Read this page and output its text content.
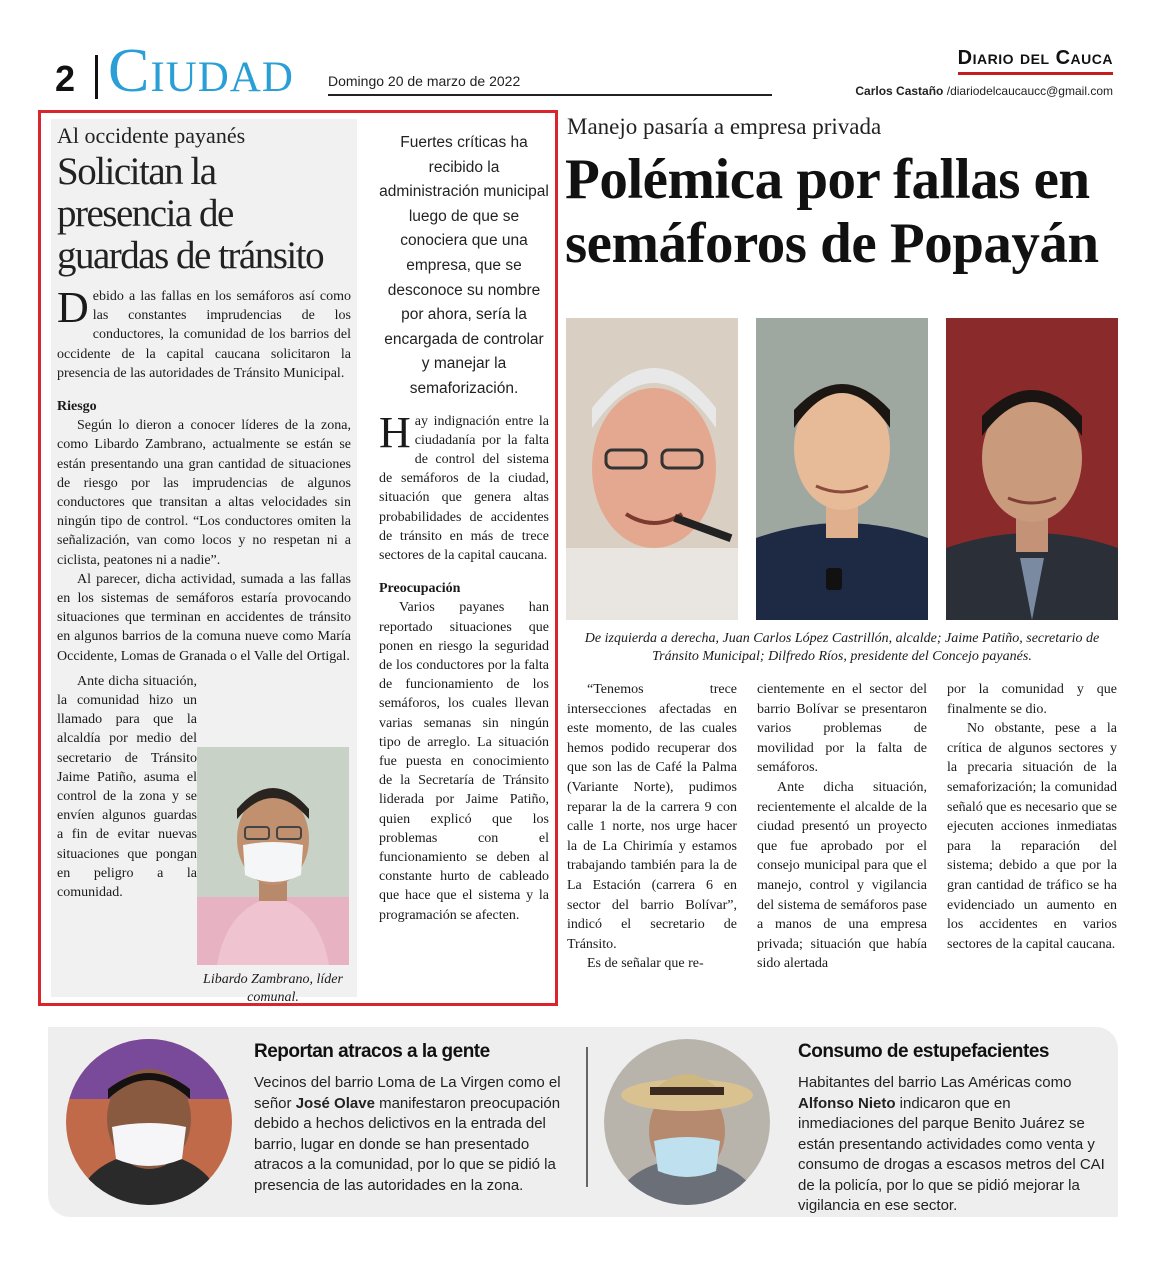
2 Ciudad Domingo 20 de marzo de 2022
Diario del Cauca
Carlos Castaño /diariodelcaucaucc@gmail.com
Al occidente payanés
Solicitan la presencia de guardas de tránsito

Debido a las fallas en los semáforos así como las constantes imprudencias de los conductores, la comunidad de los barrios del occidente de la capital caucana solicitaron la presencia de las autoridades de Tránsito Municipal.

Riesgo

Según lo dieron a conocer líderes de la zona, como Libardo Zambrano, actualmente se están se están presentando una gran cantidad de situaciones de riesgo por las imprudencias de algunos conductores que transitan a altas velocidades sin ningún tipo de control. “Los conductores omiten la señalización, van como locos y no respetan ni a ciclista, peatones ni a nadie”.

Al parecer, dicha actividad, sumada a las fallas en los sistemas de semáforos estaría provocando situaciones que terminan en accidentes de tránsito en algunos barrios de la comuna nueve como María Occidente, Lomas de Granada o el Valle del Ortigal.

Ante dicha situación, la comunidad hizo un llamado para que la alcaldía por medio del secretario de Tránsito Jaime Patiño, asuma el control de la zona y se envíen algunos guardas a fin de evitar nuevas situaciones que pongan en peligro a la comunidad.

Libardo Zambrano, líder comunal.
Fuertes críticas ha recibido la administración municipal luego de que se conociera que una empresa, que se desconoce su nombre por ahora, sería la encargada de controlar y manejar la semaforización.

Hay indignación entre la ciudadanía por la falta de control del sistema de semáforos de la ciudad, situación que genera altas probabilidades de accidentes de tránsito en más de trece sectores de la capital caucana.

Preocupación

Varios payanes han reportado situaciones que ponen en riesgo la seguridad de los conductores por la falta de funcionamiento de los semáforos, los cuales llevan varias semanas sin ningún tipo de arreglo. La situación fue puesta en conocimiento de la Secretaría de Tránsito liderada por Jaime Patiño, quien explicó que los problemas con el funcionamiento se deben al constante hurto de cableado que hace que el sistema y la programación se afecten.

Manejo pasaría a empresa privada
Polémica por fallas en semáforos de Popayán
De izquierda a derecha, Juan Carlos López Castrillón, alcalde; Jaime Patiño, secretario de Tránsito Municipal; Dilfredo Ríos, presidente del Concejo payanés.

“Tenemos trece intersecciones afectadas en este momento, de las cuales hemos podido recuperar dos que son las de Café la Palma (Variante Norte), pudimos reparar la de la carrera 9 con calle 1 norte, nos urge hacer la de La Chirimía y estamos trabajando también para la de La Estación (carrera 6 en sector del barrio Bolívar”, indicó el secretario de Tránsito.

Es de señalar que re-

cientemente en el sector del barrio Bolívar se presentaron varios problemas de movilidad por la falta de semáforos.

Ante dicha situación, recientemente el alcalde de la ciudad presentó un proyecto que fue aprobado por el consejo municipal para que el manejo, control y vigilancia del sistema de semáforos pase a manos de una empresa privada; situación que había sido alertada

por la comunidad y que finalmente se dio.

No obstante, pese a la crítica de algunos sectores y la precaria situación de la semaforización; la comunidad señaló que es necesario que se ejecuten acciones inmediatas para la reparación del sistema; debido a que por la gran cantidad de tráfico se ha evidenciado un aumento en los accidentes en varios sectores de la capital caucana.

Reportan atracos a la gente
Vecinos del barrio Loma de La Virgen como el señor José Olave manifestaron preocupación debido a hechos delictivos en la entrada del barrio, lugar en donde se han presentado atracos a la comunidad, por lo que se pidió la presencia de las autoridades en la zona.
Consumo de estupefacientes
Habitantes del barrio Las Américas como Alfonso Nieto indicaron que en inmediaciones del parque Benito Juárez se están presentando actividades como venta y consumo de drogas a escasos metros del CAI de la policía, por lo que se pidió mejorar la vigilancia en ese sector.
